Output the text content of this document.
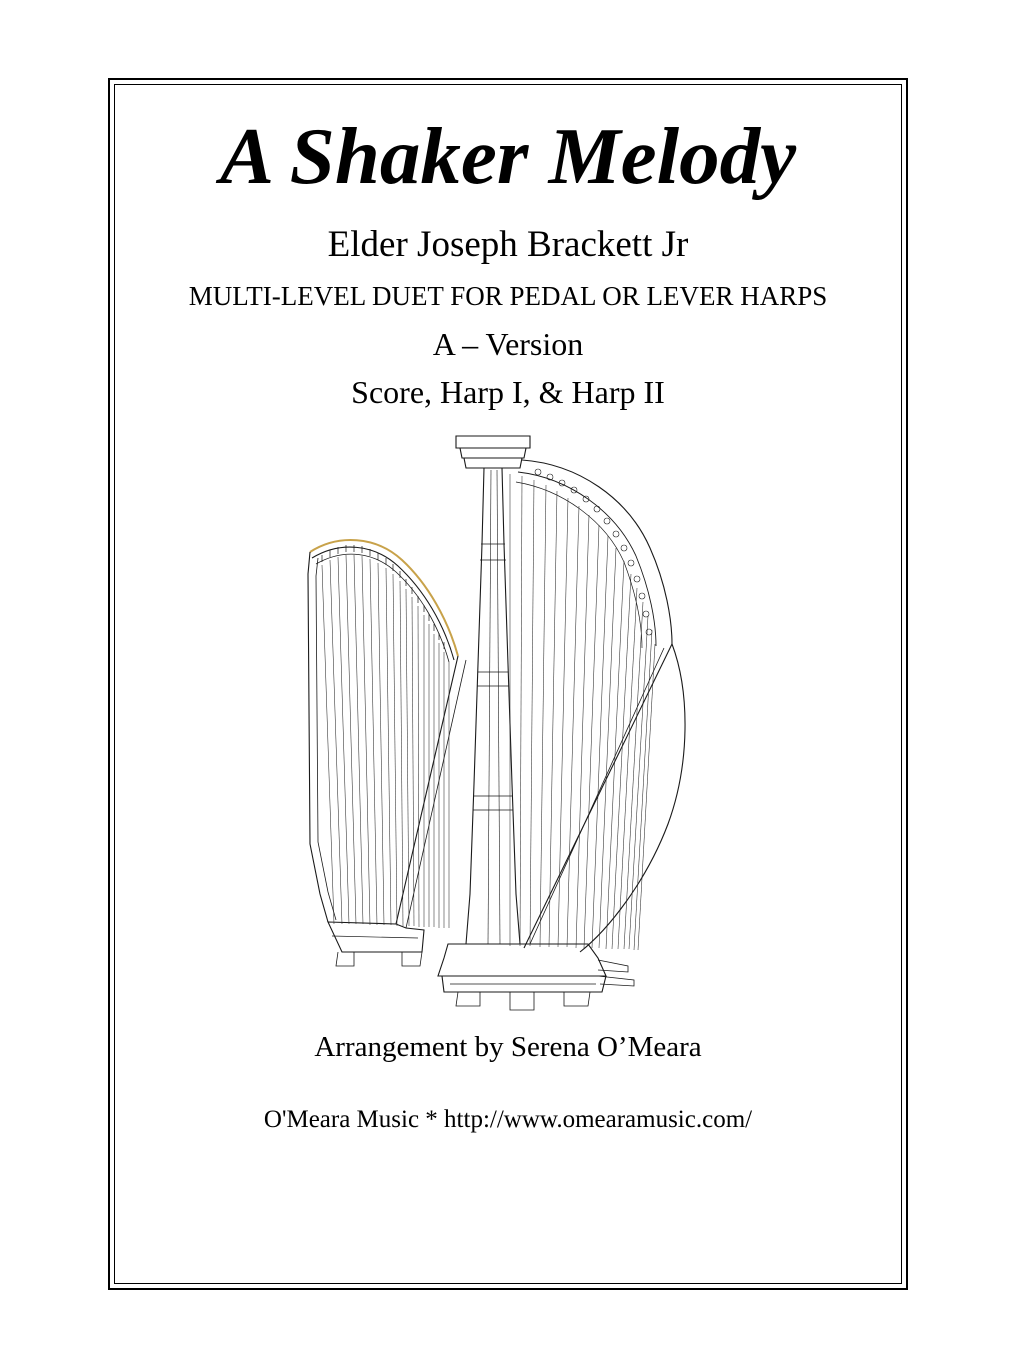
A Shaker Melody
Elder Joseph Brackett Jr
MULTI-LEVEL DUET FOR PEDAL OR LEVER HARPS
A – Version
Score, Harp I, & Harp II
Arrangement by Serena O’Meara
O'Meara Music * http://www.omearamusic.com/
